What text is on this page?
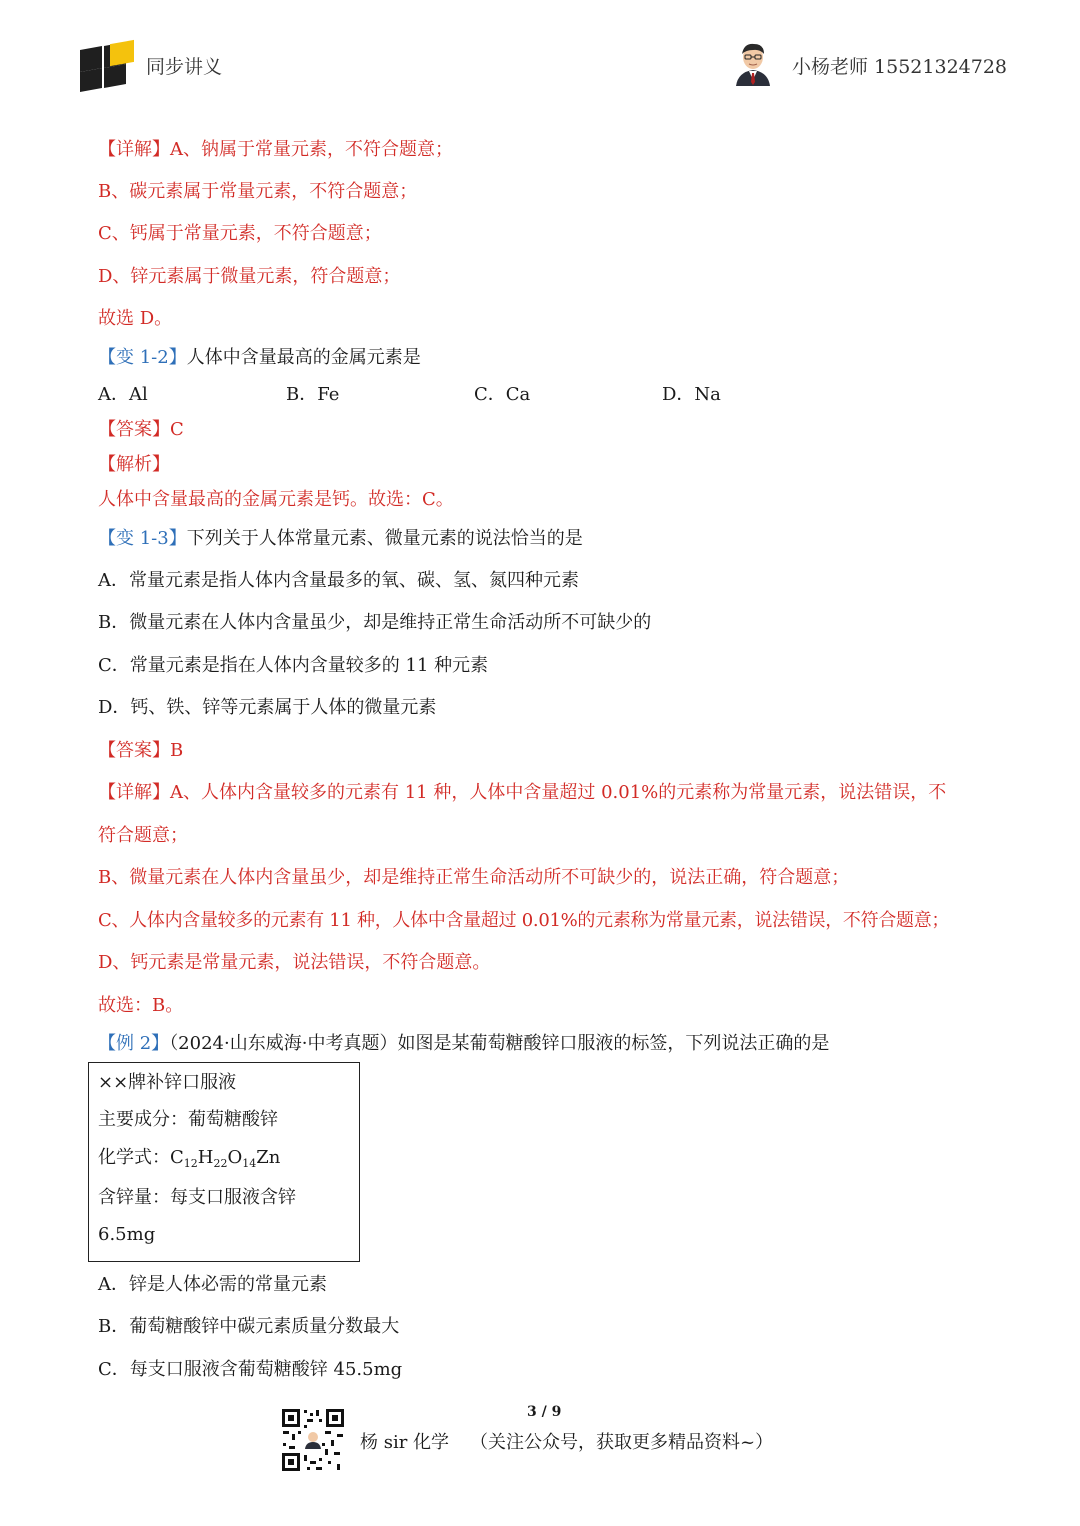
同步讲义	小杨老师 15521324728
【详解】A、钠属于常量元素，不符合题意；
B、碳元素属于常量元素，不符合题意；
C、钙属于常量元素，不符合题意；
D、锌元素属于微量元素，符合题意；
故选 D。
【变 1-2】人体中含量最高的金属元素是
A．Al	B．Fe	C．Ca	D．Na
【答案】C
【解析】
人体中含量最高的金属元素是钙。故选：C。
【变 1-3】下列关于人体常量元素、微量元素的说法恰当的是
A．常量元素是指人体内含量最多的氧、碳、氢、氮四种元素
B．微量元素在人体内含量虽少，却是维持正常生命活动所不可缺少的
C．常量元素是指在人体内含量较多的 11 种元素
D．钙、铁、锌等元素属于人体的微量元素
【答案】B
【详解】A、人体内含量较多的元素有 11 种，人体中含量超过 0.01%的元素称为常量元素，说法错误，不
符合题意；
B、微量元素在人体内含量虽少，却是维持正常生命活动所不可缺少的，说法正确，符合题意；
C、人体内含量较多的元素有 11 种，人体中含量超过 0.01%的元素称为常量元素，说法错误，不符合题意；
D、钙元素是常量元素，说法错误，不符合题意。
故选：B。
【例 2】（2024·山东威海·中考真题）如图是某葡萄糖酸锌口服液的标签，下列说法正确的是
××牌补锌口服液
主要成分：葡萄糖酸锌
化学式：$C_{12}H_{22}O_{14}Zn$
含锌量：每支口服液含锌
6.5mg
A．锌是人体必需的常量元素
B．葡萄糖酸锌中碳元素质量分数最大
C．每支口服液含葡萄糖酸锌 45.5mg
3 / 9
杨 sir 化学 （关注公众号，获取更多精品资料~）
